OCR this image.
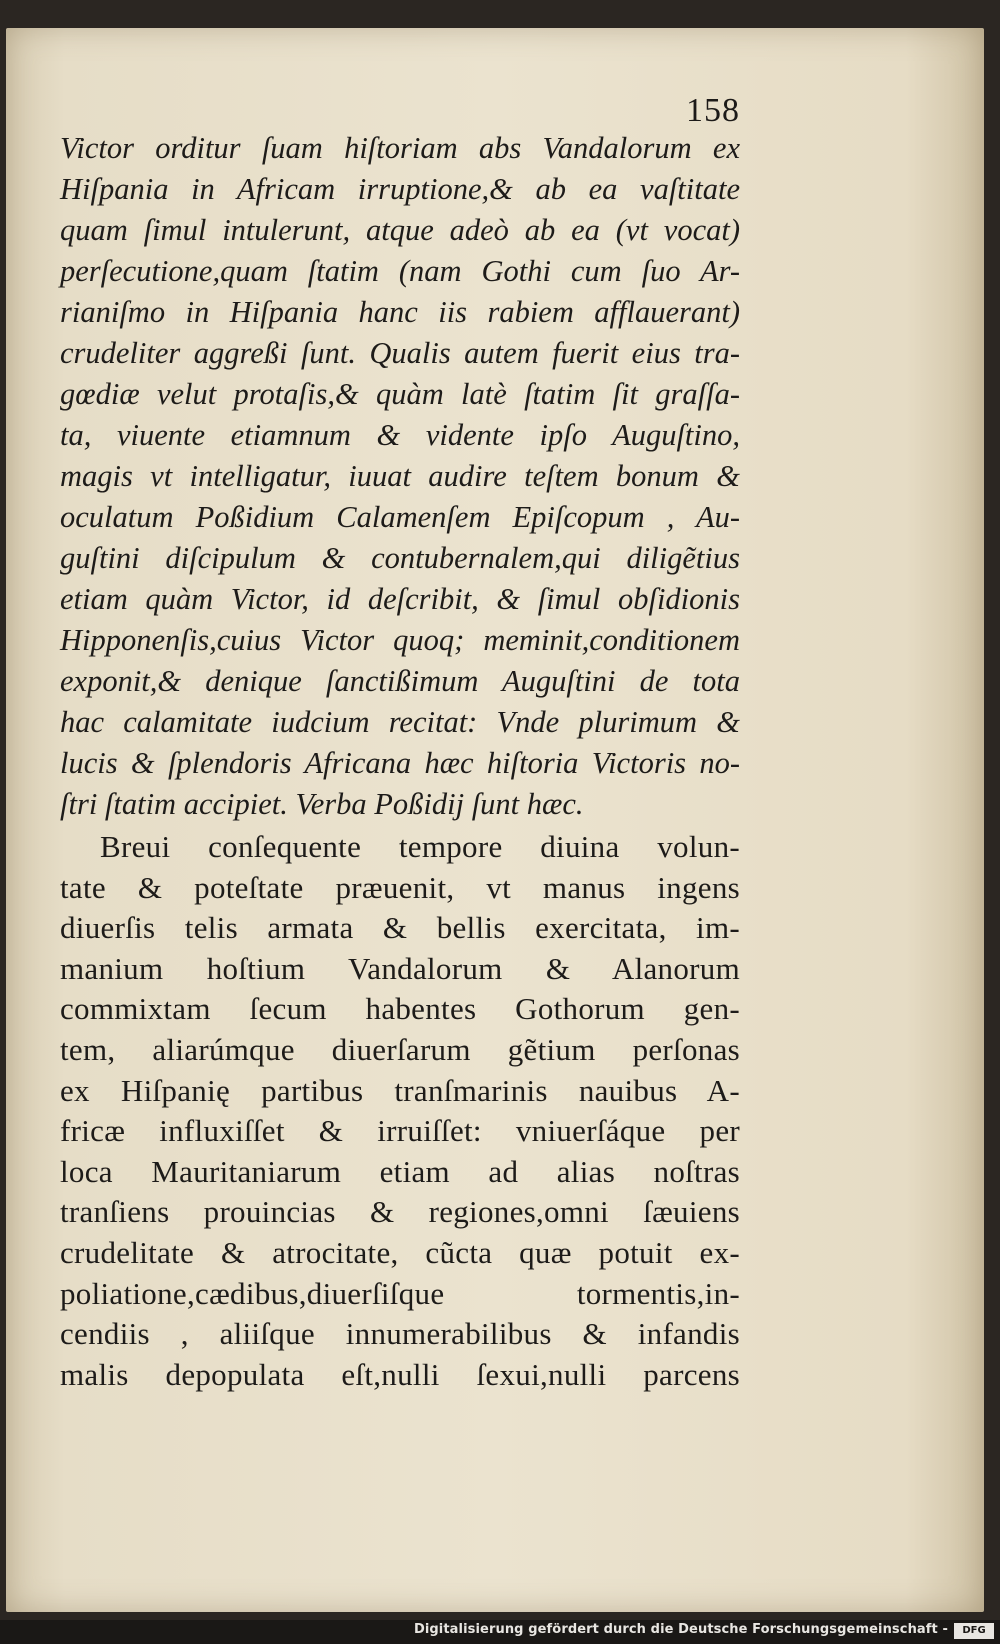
158
Victor orditur ſuam hiſtoriam abs Vandalorum ex
Hiſpania in Africam irruptione,& ab ea vaſtitate
quam ſimul intulerunt, atque adeò ab ea (vt vocat)
perſecutione,quam ſtatim (nam Gothi cum ſuo Ar-
rianiſmo in Hiſpania hanc iis rabiem afflauerant)
crudeliter aggreßi ſunt. Qualis autem fuerit eius tra-
gœdiæ velut protaſis,& quàm latè ſtatim ſit graſſa-
ta, viuente etiamnum & vidente ipſo Auguſtino,
magis vt intelligatur, iuuat audire teſtem bonum &
oculatum Poßidium Calamenſem Epiſcopum , Au-
guſtini diſcipulum & contubernalem,qui diligẽtius
etiam quàm Victor, id deſcribit, & ſimul obſidionis
Hipponenſis,cuius Victor quoq; meminit,conditionem
exponit,& denique ſanctißimum Auguſtini de tota
hac calamitate iudcium recitat: Vnde plurimum &
lucis & ſplendoris Africana hæc hiſtoria Victoris no-
ſtri ſtatim accipiet. Verba Poßidij ſunt hæc.
Breui conſequente tempore diuina volun-
tate & poteſtate præuenit, vt manus ingens
diuerſis telis armata & bellis exercitata, im-
manium hoſtium Vandalorum & Alanorum
commixtam ſecum habentes Gothorum gen-
tem, aliarúmque diuerſarum gẽtium perſonas
ex Hiſpanię partibus tranſmarinis nauibus A-
fricæ influxiſſet & irruiſſet: vniuerſáque per
loca Mauritaniarum etiam ad alias noſtras
tranſiens prouincias & regiones,omni ſæuiens
crudelitate & atrocitate, cũcta quæ potuit ex-
poliatione,cædibus,diuerſiſque tormentis,in-
cendiis , aliiſque innumerabilibus & infandis
malis depopulata eſt,nulli ſexui,nulli parcens
Digitalisierung gefördert durch die Deutsche Forschungsgemeinschaft -	DFG
